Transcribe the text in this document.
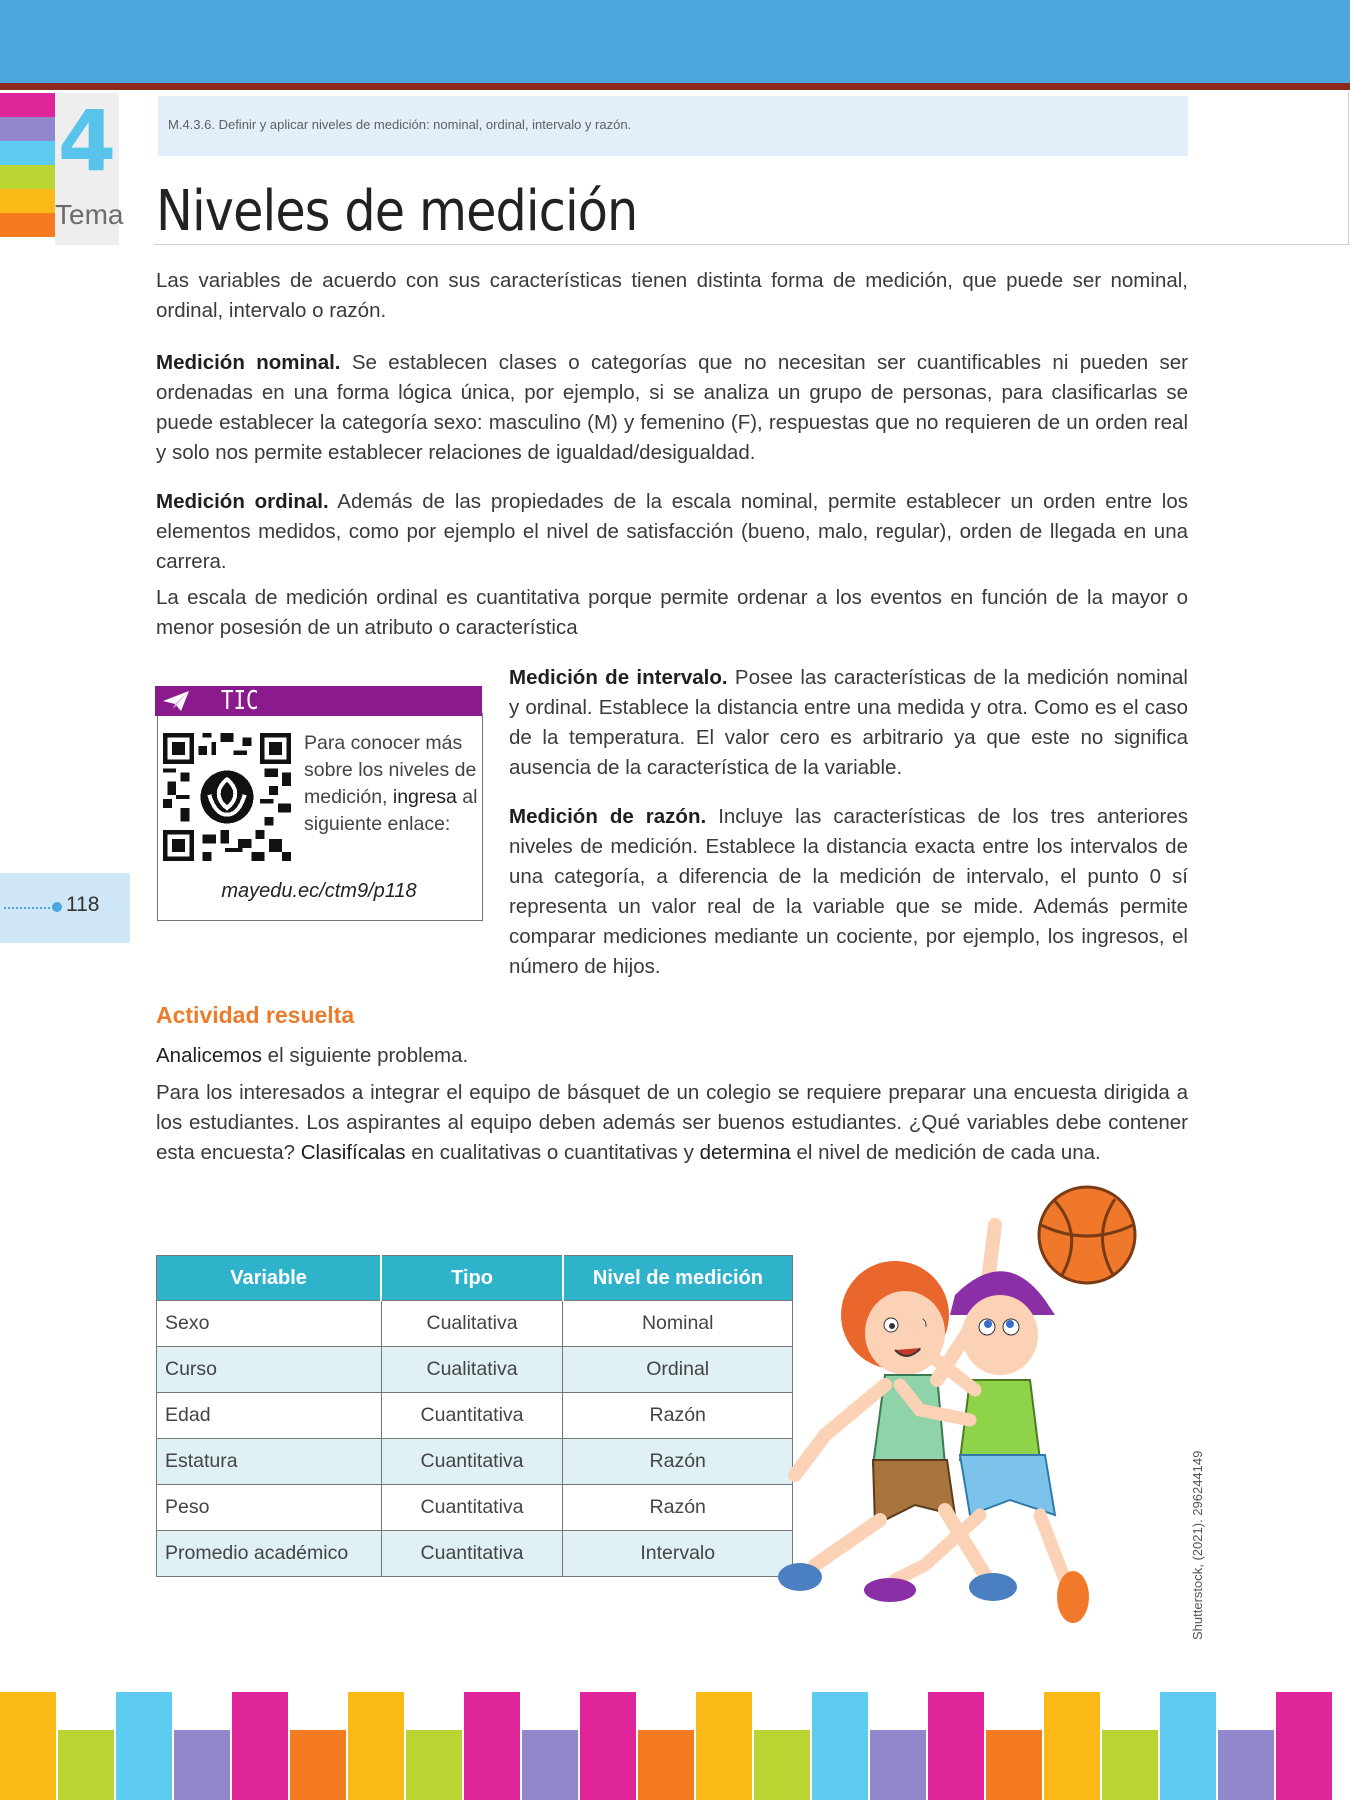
4
Tema
M.4.3.6. Definir y aplicar niveles de medición: nominal, ordinal, intervalo y razón.
Niveles de medición

Las variables de acuerdo con sus características tienen distinta forma de medición, que puede ser nominal, ordinal, intervalo o razón.

Medición nominal. Se establecen clases o categorías que no necesitan ser cuantificables ni pueden ser ordenadas en una forma lógica única, por ejemplo, si se analiza un grupo de personas, para clasificarlas se puede establecer la categoría sexo: masculino (M) y femenino (F), respuestas que no requieren de un orden real y solo nos permite establecer relaciones de igualdad/desigualdad.

Medición ordinal. Además de las propiedades de la escala nominal, permite establecer un orden entre los elementos medidos, como por ejemplo el nivel de satisfacción (bueno, malo, regular), orden de llegada en una carrera.

La escala de medición ordinal es cuantitativa porque permite ordenar a los eventos en función de la mayor o menor posesión de un atributo o característica

Medición de intervalo. Posee las características de la medición nominal y ordinal. Establece la distancia entre una medida y otra. Como es el caso de la temperatura. El valor cero es arbitrario ya que este no significa ausencia de la característica de la variable.

Medición de razón. Incluye las características de los tres anteriores niveles de medición. Establece la distancia exacta entre los intervalos de una categoría, a diferencia de la medición de intervalo, el punto 0 sí representa un valor real de la variable que se mide. Además permite comparar mediciones mediante un cociente, por ejemplo, los ingresos, el número de hijos.

TIC

Para conocer más sobre los niveles de medición, ingresa al siguiente enlace:

mayedu.ec/ctm9/p118

118

Actividad resuelta

Analicemos el siguiente problema.

Para los interesados a integrar el equipo de básquet de un colegio se requiere preparar una encuesta dirigida a los estudiantes. Los aspirantes al equipo deben además ser buenos estudiantes. ¿Qué variables debe contener esta encuesta? Clasifícalas en cualitativas o cuantitativas y determina el nivel de medición de cada una.

Variable	Tipo	Nivel de medición
Sexo	Cualitativa	Nominal
Curso	Cualitativa	Ordinal
Edad	Cuantitativa	Razón
Estatura	Cuantitativa	Razón
Peso	Cuantitativa	Razón
Promedio académico	Cuantitativa	Intervalo	Shutterstock, (2021). 296244149
